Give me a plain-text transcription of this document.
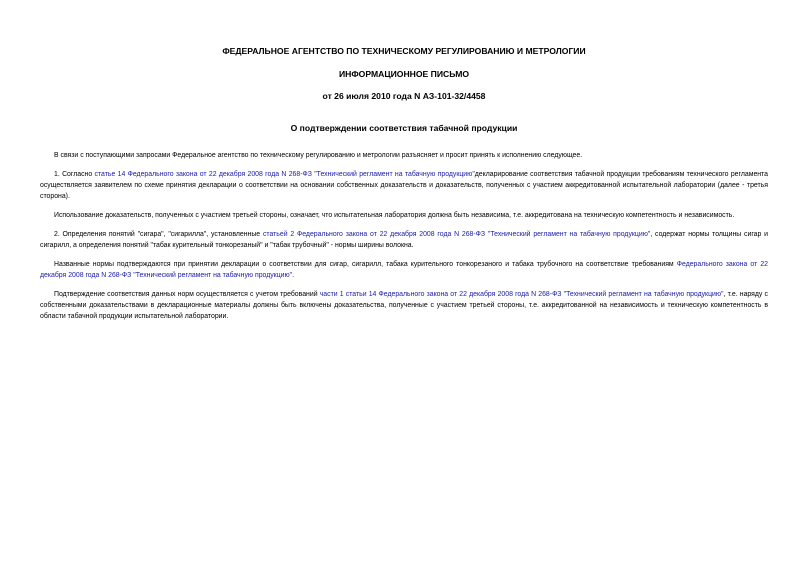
ФЕДЕРАЛЬНОЕ АГЕНТСТВО ПО ТЕХНИЧЕСКОМУ РЕГУЛИРОВАНИЮ И МЕТРОЛОГИИ
ИНФОРМАЦИОННОЕ ПИСЬМО
от 26 июля 2010 года N АЗ-101-32/4458
О подтверждении соответствия табачной продукции

В связи с поступающими запросами Федеральное агентство по техническому регулированию и метрологии разъясняет и просит принять к исполнению следующее.

1. Согласно статье 14 Федерального закона от 22 декабря 2008 года N 268-ФЗ "Технический регламент на табачную продукцию"декларирование соответствия табачной продукции требованиям технического регламента осуществляется заявителем по схеме принятия декларации о соответствии на основании собственных доказательств и доказательств, полученных с участием аккредитованной испытательной лаборатории (далее - третья сторона).

Использование доказательств, полученных с участием третьей стороны, означает, что испытательная лаборатория должна быть независима, т.е. аккредитована на техническую компетентность и независимость.

2. Определения понятий "сигара", "сигарилла", установленные статьей 2 Федерального закона от 22 декабря 2008 года N 268-ФЗ "Технический регламент на табачную продукцию", содержат нормы толщины сигар и сигарилл, а определения понятий "табак курительный тонкорезаный" и "табак трубочный" - нормы ширины волокна.

Названные нормы подтверждаются при принятии декларации о соответствии для сигар, сигарилл, табака курительного тонкорезаного и табака трубочного на соответствие требованиям Федерального закона от 22 декабря 2008 года N 268-ФЗ "Технический регламент на табачную продукцию".

Подтверждение соответствия данных норм осуществляется с учетом требований части 1 статьи 14 Федерального закона от 22 декабря 2008 года N 268-ФЗ "Технический регламент на табачную продукцию", т.е. наряду с собственными доказательствами в декларационные материалы должны быть включены доказательства, полученные с участием третьей стороны, т.е. аккредитованной на независимость и техническую компетентность в области табачной продукции испытательной лаборатории.
